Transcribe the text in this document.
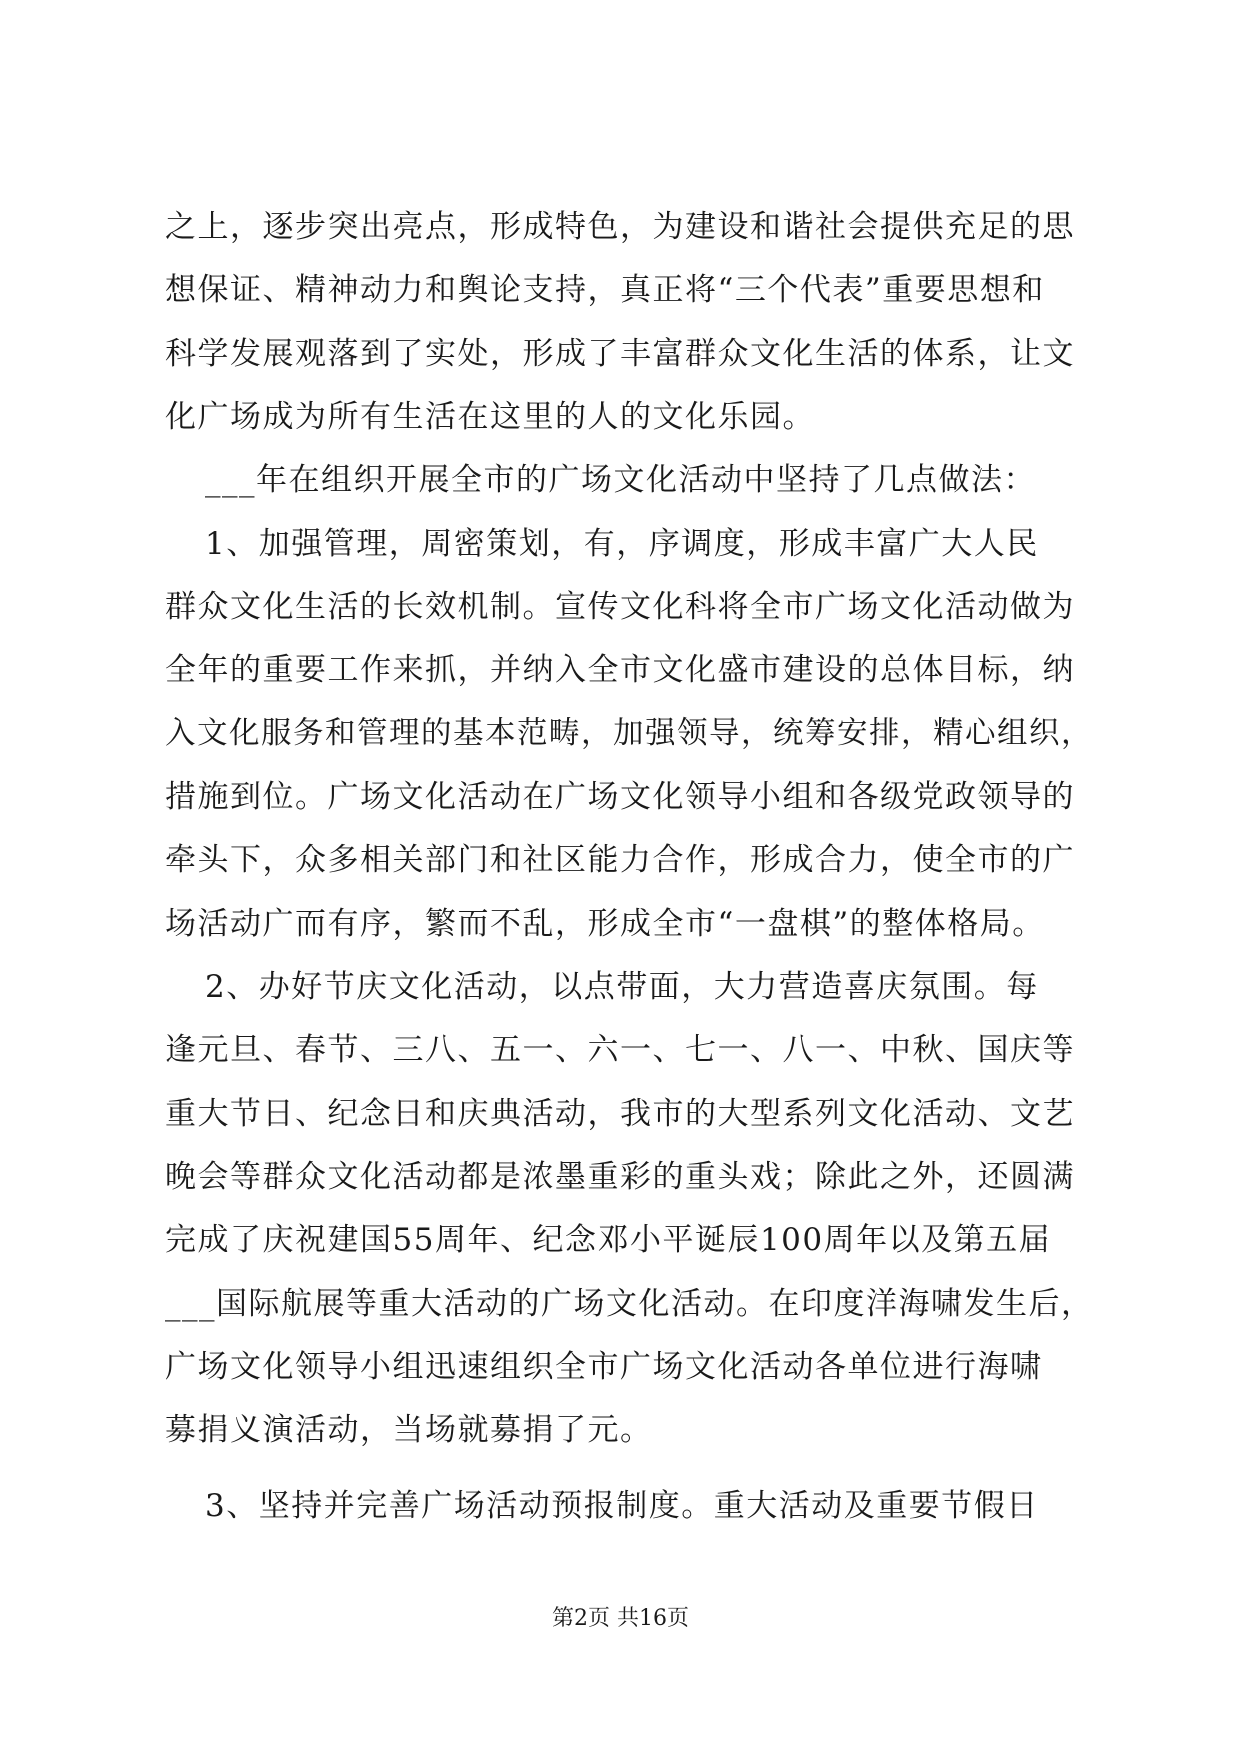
之上，逐步突出亮点，形成特色，为建设和谐社会提供充足的思
想保证、精神动力和舆论支持，真正将“三个代表”重要思想和
科学发展观落到了实处，形成了丰富群众文化生活的体系，让文
化广场成为所有生活在这里的人的文化乐园。
___年在组织开展全市的广场文化活动中坚持了几点做法：
1、加强管理，周密策划，有，序调度，形成丰富广大人民
群众文化生活的长效机制。宣传文化科将全市广场文化活动做为
全年的重要工作来抓，并纳入全市文化盛市建设的总体目标，纳
入文化服务和管理的基本范畴，加强领导，统筹安排，精心组织，
措施到位。广场文化活动在广场文化领导小组和各级党政领导的
牵头下，众多相关部门和社区能力合作，形成合力，使全市的广
场活动广而有序，繁而不乱，形成全市“一盘棋”的整体格局。
2、办好节庆文化活动，以点带面，大力营造喜庆氛围。每
逢元旦、春节、三八、五一、六一、七一、八一、中秋、国庆等
重大节日、纪念日和庆典活动，我市的大型系列文化活动、文艺
晚会等群众文化活动都是浓墨重彩的重头戏；除此之外，还圆满
完成了庆祝建国55周年、纪念邓小平诞辰100周年以及第五届
___国际航展等重大活动的广场文化活动。在印度洋海啸发生后，
广场文化领导小组迅速组织全市广场文化活动各单位进行海啸
募捐义演活动，当场就募捐了元。
3、坚持并完善广场活动预报制度。重大活动及重要节假日
第2页 共16页
